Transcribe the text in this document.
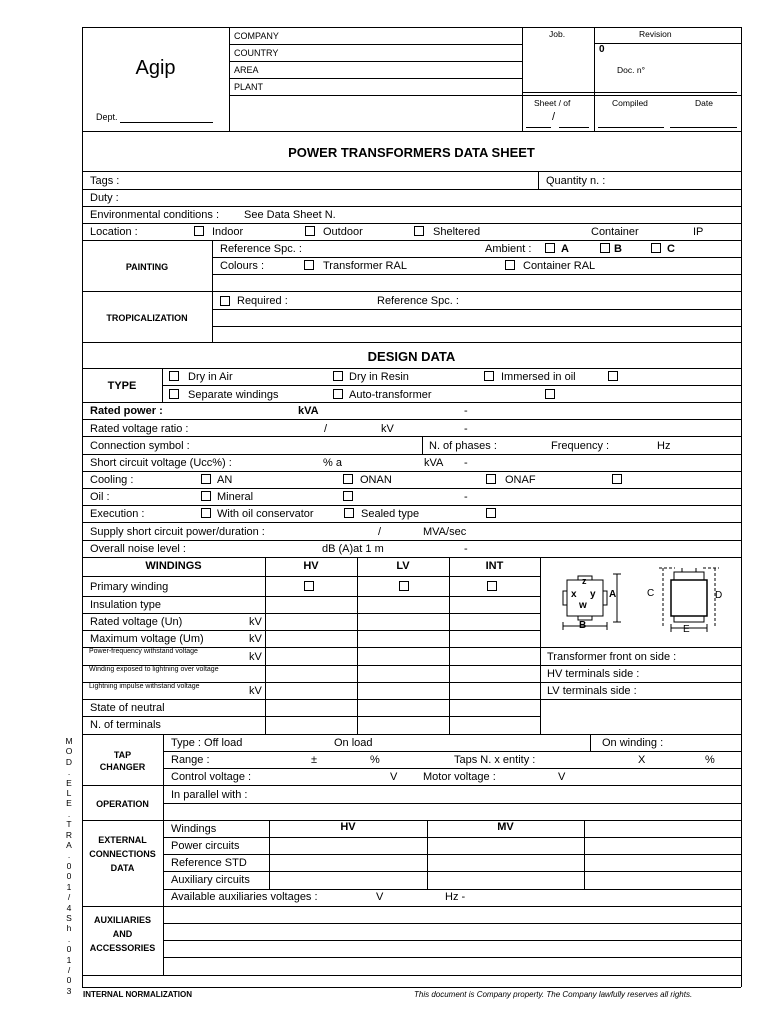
Agip
Dept.
COMPANY
COUNTRY
AREA
PLANT
Job.	Revision
0
Doc. n°
Sheet / of
/
Compiled	Date
POWER TRANSFORMERS DATA SHEET
Tags :	Quantity n. :
Duty :
Environmental conditions : See Data Sheet N.
Location :	Indoor	Outdoor	Sheltered	Container	IP
PAINTING
Reference Spc. :	Ambient :	A	B	C
Colours :	Transformer RAL	Container RAL
TROPICALIZATION
Required :	Reference Spc. :
DESIGN DATA
TYPE
Dry in Air	Dry in Resin	Immersed in oil
Separate windings	Auto-transformer
Rated power :	kVA	-
Rated voltage ratio :	/	kV	-
Connection symbol :	N. of phases :	Frequency :	Hz
Short circuit voltage (Ucc%) :	% a	kVA -
Cooling :	AN	ONAN	ONAF
Oil :	Mineral	-
Execution :	With oil conservator	Sealed type
Supply short circuit power/duration :	/	MVA/sec
Overall noise level :	dB (A)at 1 m	-
WINDINGS	HV	LV	INT
Primary winding
Insulation type
Rated voltage (Un)	kV
Maximum voltage (Um)	kV
Power-frequency withstand voltage	kV
Winding exposed to lightning over voltage
Lightning impulse withstand voltage	kV
State of neutral
N. of terminals
Transformer front on side :
HV terminals side :
LV terminals side :
z
x y
w
A
B
C	D
E
TAP
CHANGER
Type : Off load	On load	On winding :
Range :	±	%	Taps N. x entity :	X	%
Control voltage :	V Motor voltage :	V
OPERATION
In parallel with :
EXTERNAL
CONNECTIONS
DATA
Windings	HV	MV
Power circuits
Reference STD
Auxiliary circuits
Available auxiliaries voltages :	V	Hz -
AUXILIARIES
AND
ACCESSORIES
M
O
D
.
E
L
E
.
T
R
A
.
0
0
1
/
4
S
h
.
0
1
/
0
3	INTERNAL NORMALIZATION	This document is Company property. The Company lawfully reserves all rights.
